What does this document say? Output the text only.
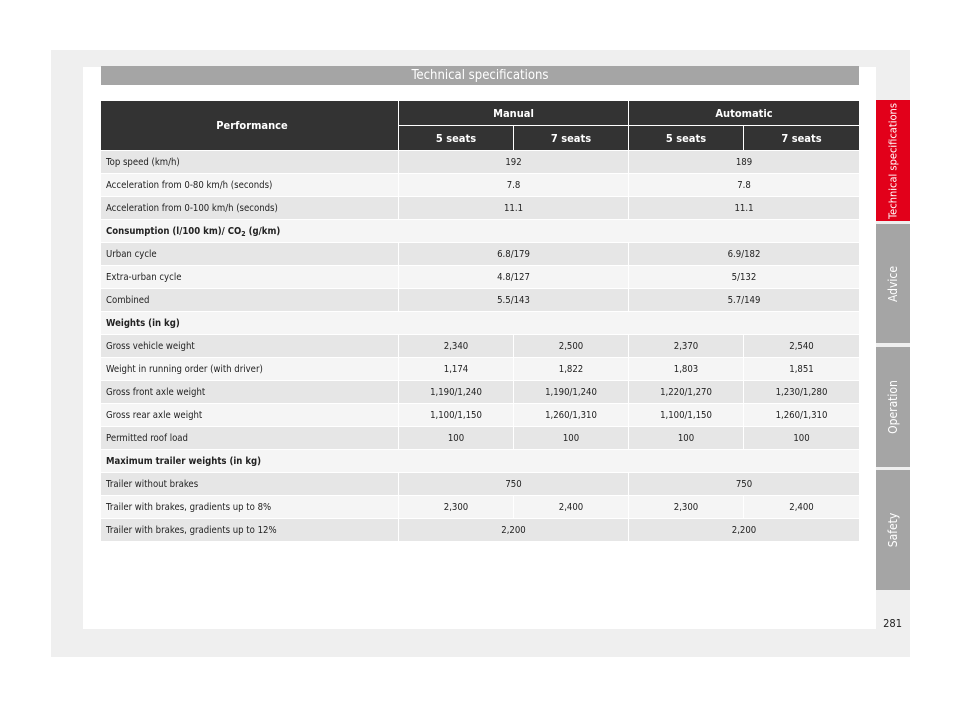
Technical specifications
Performance	Manual		Automatic	
	5 seats	7 seats	5 seats	7 seats
Top speed (km/h)	192		189	
Acceleration from 0-80 km/h (seconds)	7.8		7.8	
Acceleration from 0-100 km/h (seconds)	11.1		11.1	
Consumption (l/100 km)/ $CO_2$ (g/km)				
Urban cycle	6.8/179		6.9/182	
Extra-urban cycle	4.8/127		5/132	
Combined	5.5/143		5.7/149	
Weights (in kg)				
Gross vehicle weight	2,340	2,500	2,370	2,540
Weight in running order (with driver)	1,174	1,822	1,803	1,851
Gross front axle weight	1,190/1,240	1,190/1,240	1,220/1,270	1,230/1,280
Gross rear axle weight	1,100/1,150	1,260/1,310	1,100/1,150	1,260/1,310
Permitted roof load	100	100	100	100
Maximum trailer weights (in kg)				
Trailer without brakes	750		750	
Trailer with brakes, gradients up to 8%	2,300	2,400	2,300	2,400
Trailer with brakes, gradients up to 12%	2,200		2,200	
Technical specifications
Advice
Operation
Safety
281
